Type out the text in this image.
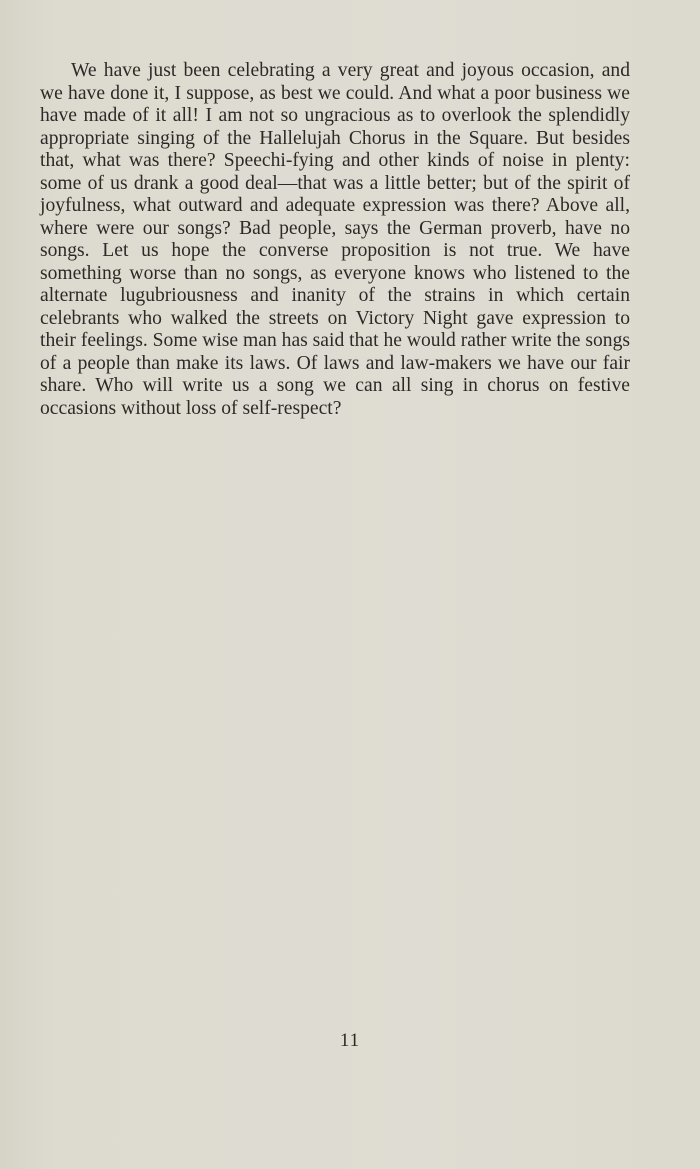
We have just been celebrating a very great and joyous occasion, and we have done it, I suppose, as best we could. And what a poor business we have made of it all! I am not so ungracious as to overlook the splendidly appropriate singing of the Hallelujah Chorus in the Square. But besides that, what was there? Speechi-fying and other kinds of noise in plenty: some of us drank a good deal—that was a little better; but of the spirit of joyfulness, what outward and adequate expression was there? Above all, where were our songs? Bad people, says the German proverb, have no songs. Let us hope the converse proposition is not true. We have something worse than no songs, as everyone knows who listened to the alternate lugubriousness and inanity of the strains in which certain celebrants who walked the streets on Victory Night gave expression to their feelings. Some wise man has said that he would rather write the songs of a people than make its laws. Of laws and law-makers we have our fair share. Who will write us a song we can all sing in chorus on festive occasions without loss of self-respect?

11
